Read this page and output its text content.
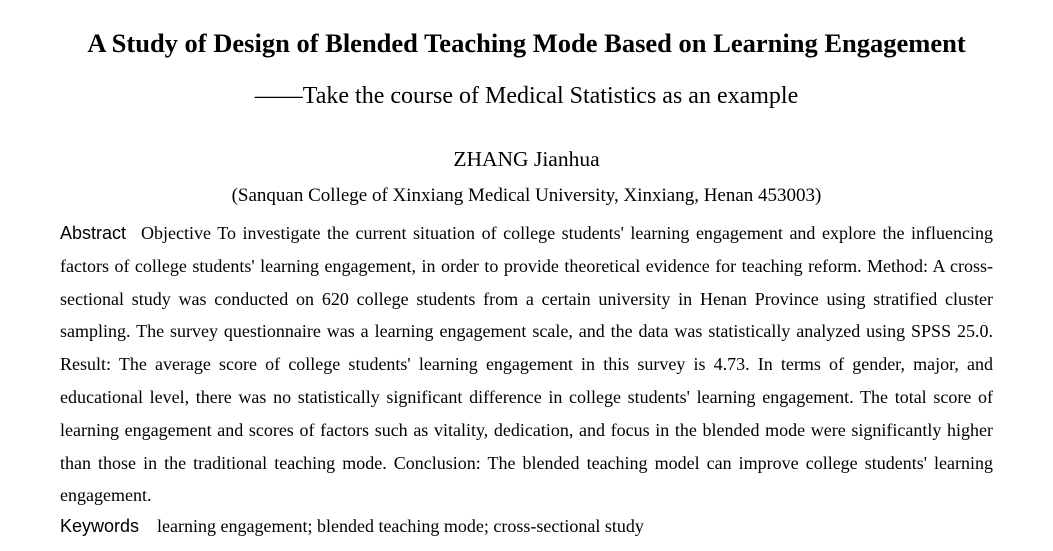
A Study of Design of Blended Teaching Mode Based on Learning Engagement
——Take the course of Medical Statistics as an example
ZHANG Jianhua
(Sanquan College of Xinxiang Medical University, Xinxiang, Henan 453003)

Abstract Objective To investigate the current situation of college students' learning engagement and explore the influencing factors of college students' learning engagement, in order to provide theoretical evidence for teaching reform. Method: A cross-sectional study was conducted on 620 college students from a certain university in Henan Province using stratified cluster sampling. The survey questionnaire was a learning engagement scale, and the data was statistically analyzed using SPSS 25.0. Result: The average score of college students' learning engagement in this survey is 4.73. In terms of gender, major, and educational level, there was no statistically significant difference in college students' learning engagement. The total score of learning engagement and scores of factors such as vitality, dedication, and focus in the blended mode were significantly higher than those in the traditional teaching mode. Conclusion: The blended teaching model can improve college students' learning engagement.

Keywords learning engagement; blended teaching mode; cross-sectional study
